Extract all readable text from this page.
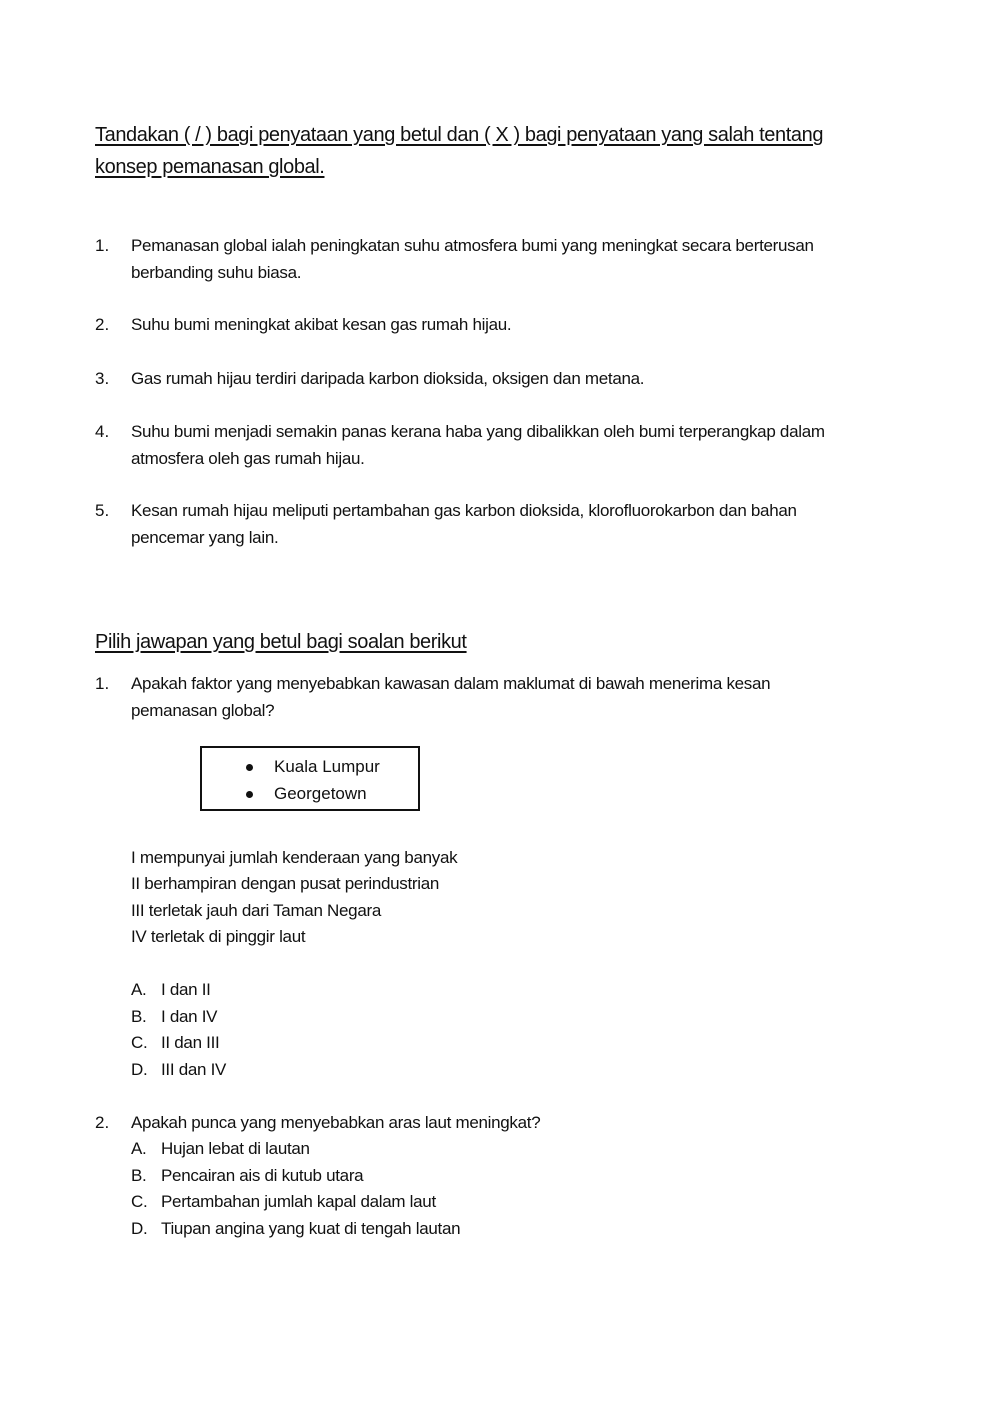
Tandakan ( / ) bagi penyataan yang betul dan ( X ) bagi penyataan yang salah tentang
konsep pemanasan global.
1. Pemanasan global ialah peningkatan suhu atmosfera bumi yang meningkat secara berterusan
berbanding suhu biasa.
2. Suhu bumi meningkat akibat kesan gas rumah hijau.
3. Gas rumah hijau terdiri daripada karbon dioksida, oksigen dan metana.
4. Suhu bumi menjadi semakin panas kerana haba yang dibalikkan oleh bumi terperangkap dalam
atmosfera oleh gas rumah hijau.
5. Kesan rumah hijau meliputi pertambahan gas karbon dioksida, klorofluorokarbon dan bahan
pencemar yang lain.
Pilih jawapan yang betul bagi soalan berikut
1. Apakah faktor yang menyebabkan kawasan dalam maklumat di bawah menerima kesan
pemanasan global?
Kuala Lumpur
Georgetown
I mempunyai jumlah kenderaan yang banyak
II berhampiran dengan pusat perindustrian
III terletak jauh dari Taman Negara
IV terletak di pinggir laut
A. I dan II
B. I dan IV
C. II dan III
D. III dan IV
2. Apakah punca yang menyebabkan aras laut meningkat?
A. Hujan lebat di lautan
B. Pencairan ais di kutub utara
C. Pertambahan jumlah kapal dalam laut
D. Tiupan angina yang kuat di tengah lautan
